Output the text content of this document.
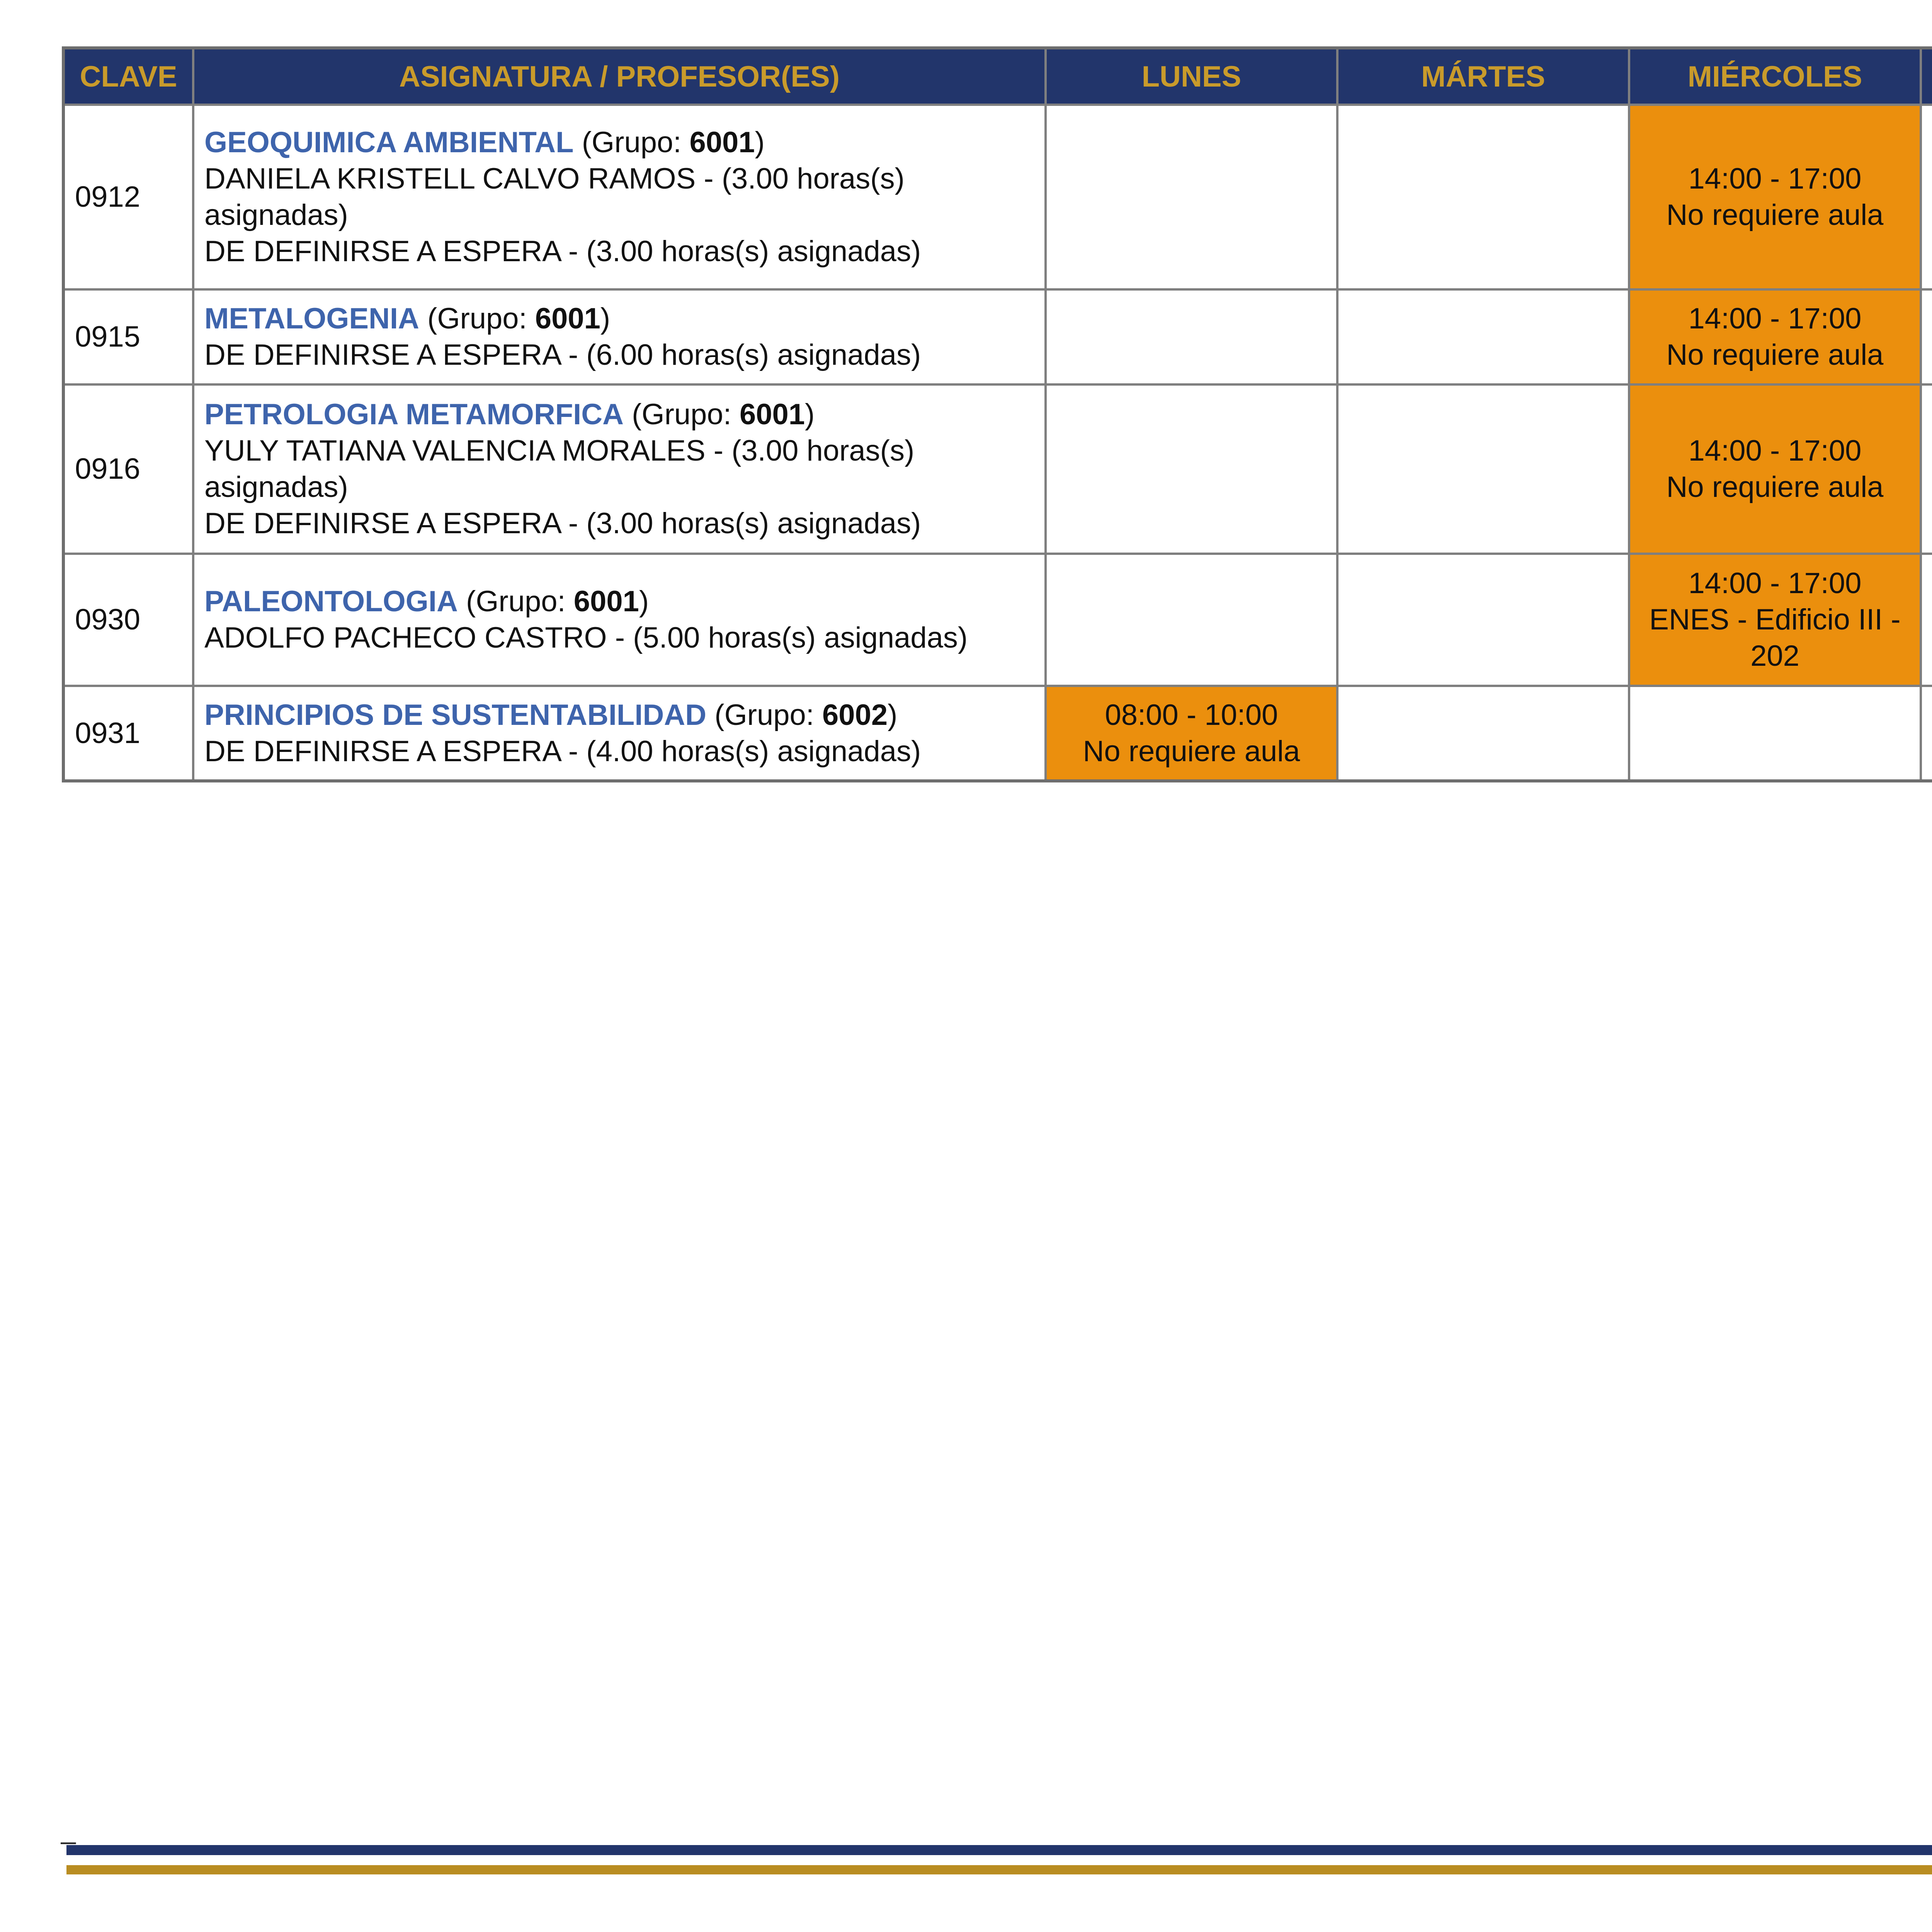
CLAVE	ASIGNATURA / PROFESOR(ES)	LUNES	MÁRTES	MIÉRCOLES		
0912	GEOQUIMICA AMBIENTAL (Grupo: 6001)
DANIELA KRISTELL CALVO RAMOS - (3.00 horas(s)
asignadas)
DE DEFINIRSE A ESPERA - (3.00 horas(s) asignadas)			14:00 - 17:00
No requiere aula

0915	METALOGENIA (Grupo: 6001)
DE DEFINIRSE A ESPERA - (6.00 horas(s) asignadas)			14:00 - 17:00
No requiere aula

0916	PETROLOGIA METAMORFICA (Grupo: 6001)
YULY TATIANA VALENCIA MORALES - (3.00 horas(s)
asignadas)
DE DEFINIRSE A ESPERA - (3.00 horas(s) asignadas)			14:00 - 17:00
No requiere aula

0930	PALEONTOLOGIA (Grupo: 6001)
ADOLFO PACHECO CASTRO - (5.00 horas(s) asignadas)			14:00 - 17:00
ENES - Edificio III -
202

0931	PRINCIPIOS DE SUSTENTABILIDAD (Grupo: 6002)
DE DEFINIRSE A ESPERA - (4.00 horas(s) asignadas)	08:00 - 10:00
No requiere aula				

_
